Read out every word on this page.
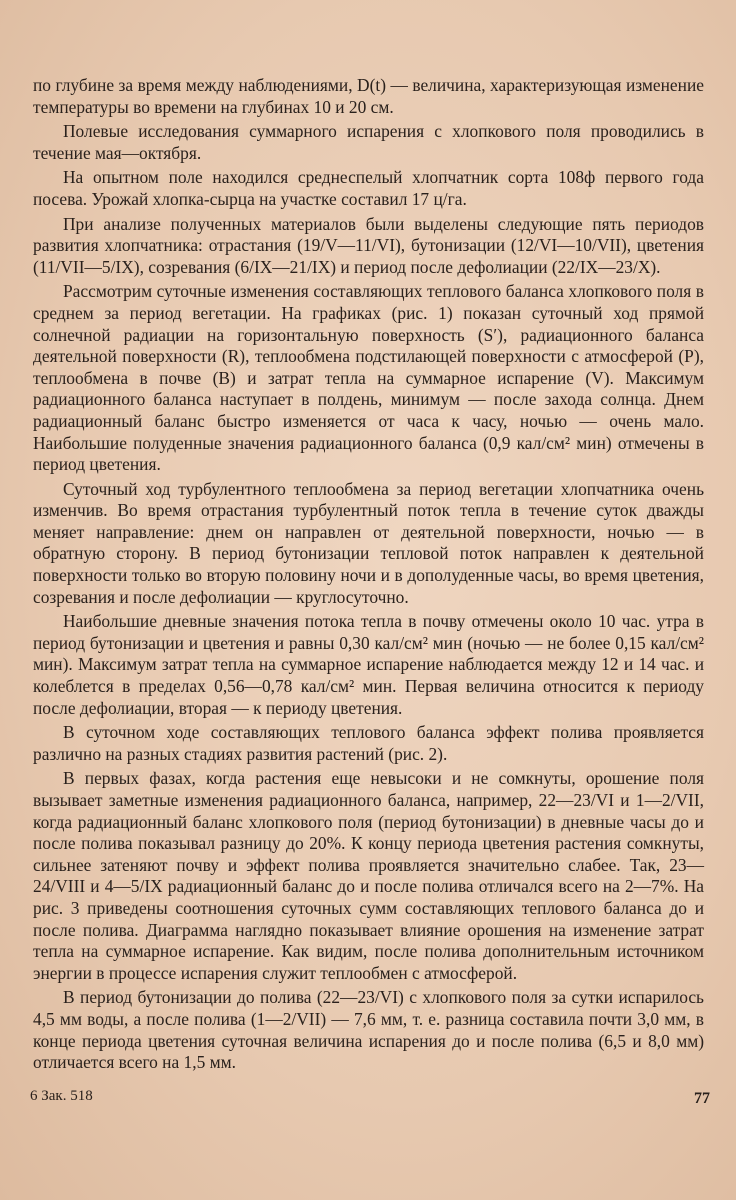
по глубине за время между наблюдениями, D(t) — величина, характеризующая изменение температуры во времени на глубинах 10 и 20 см.

Полевые исследования суммарного испарения с хлопкового поля проводились в течение мая—октября.

На опытном поле находился среднеспелый хлопчатник сорта 108ф первого года посева. Урожай хлопка-сырца на участке составил 17 ц/га.

При анализе полученных материалов были выделены следующие пять периодов развития хлопчатника: отрастания (19/V—11/VI), бутонизации (12/VI—10/VII), цветения (11/VII—5/IX), созревания (6/IX—21/IX) и период после дефолиации (22/IX—23/X).

Рассмотрим суточные изменения составляющих теплового баланса хлопкового поля в среднем за период вегетации. На графиках (рис. 1) показан суточный ход прямой солнечной радиации на горизонтальную поверхность (S′), радиационного баланса деятельной поверхности (R), теплообмена подстилающей поверхности с атмосферой (P), теплообмена в почве (B) и затрат тепла на суммарное испарение (V). Максимум радиационного баланса наступает в полдень, минимум — после захода солнца. Днем радиационный баланс быстро изменяется от часа к часу, ночью — очень мало. Наибольшие полуденные значения радиационного баланса (0,9 кал/см² мин) отмечены в период цветения.

Суточный ход турбулентного теплообмена за период вегетации хлопчатника очень изменчив. Во время отрастания турбулентный поток тепла в течение суток дважды меняет направление: днем он направлен от деятельной поверхности, ночью — в обратную сторону. В период бутонизации тепловой поток направлен к деятельной поверхности только во вторую половину ночи и в дополуденные часы, во время цветения, созревания и после дефолиации — круглосуточно.

Наибольшие дневные значения потока тепла в почву отмечены около 10 час. утра в период бутонизации и цветения и равны 0,30 кал/см² мин (ночью — не более 0,15 кал/см² мин). Максимум затрат тепла на суммарное испарение наблюдается между 12 и 14 час. и колеблется в пределах 0,56—0,78 кал/см² мин. Первая величина относится к периоду после дефолиации, вторая — к периоду цветения.

В суточном ходе составляющих теплового баланса эффект полива проявляется различно на разных стадиях развития растений (рис. 2).

В первых фазах, когда растения еще невысоки и не сомкнуты, орошение поля вызывает заметные изменения радиационного баланса, например, 22—23/VI и 1—2/VII, когда радиационный баланс хлопкового поля (период бутонизации) в дневные часы до и после полива показывал разницу до 20%. К концу периода цветения растения сомкнуты, сильнее затеняют почву и эффект полива проявляется значительно слабее. Так, 23—24/VIII и 4—5/IX радиационный баланс до и после полива отличался всего на 2—7%. На рис. 3 приведены соотношения суточных сумм составляющих теплового баланса до и после полива. Диаграмма наглядно показывает влияние орошения на изменение затрат тепла на суммарное испарение. Как видим, после полива дополнительным источником энергии в процессе испарения служит теплообмен с атмосферой.

В период бутонизации до полива (22—23/VI) с хлопкового поля за сутки испарилось 4,5 мм воды, а после полива (1—2/VII) — 7,6 мм, т. е. разница составила почти 3,0 мм, в конце периода цветения суточная величина испарения до и после полива (6,5 и 8,0 мм) отличается всего на 1,5 мм.

6 Зак. 518	77
